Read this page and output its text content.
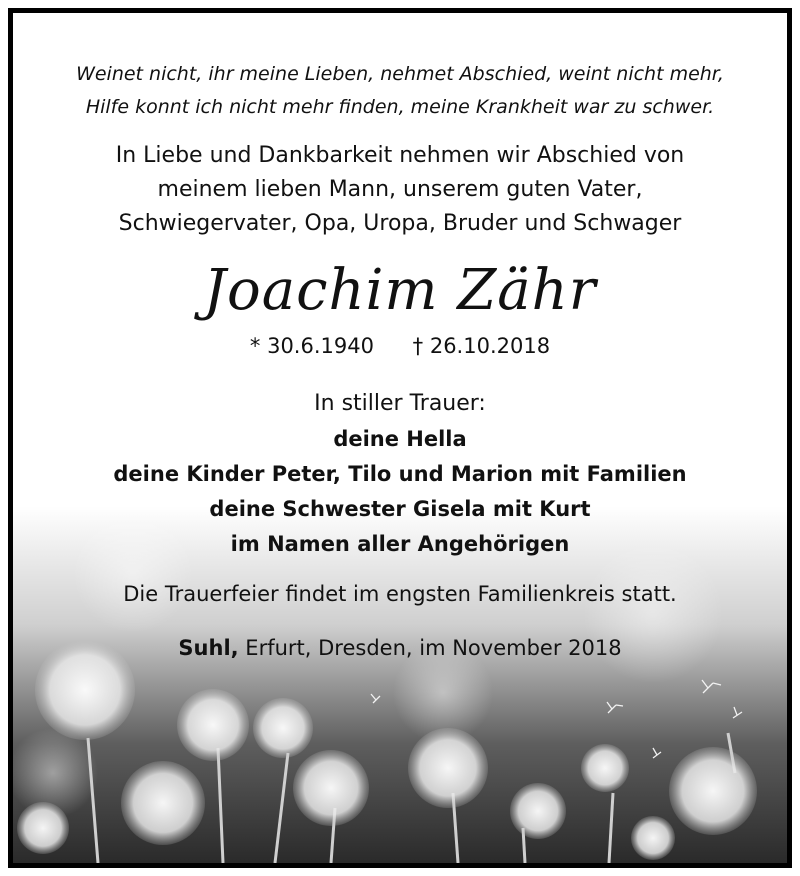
Weinet nicht, ihr meine Lieben, nehmet Abschied, weint nicht mehr,
Hilfe konnt ich nicht mehr finden, meine Krankheit war zu schwer.
In Liebe und Dankbarkeit nehmen wir Abschied von
meinem lieben Mann, unserem guten Vater,
Schwiegervater, Opa, Uropa, Bruder und Schwager
Joachim Zähr
* 30.6.1940 † 26.10.2018
In stiller Trauer:
deine Hella
deine Kinder Peter, Tilo und Marion mit Familien
deine Schwester Gisela mit Kurt
im Namen aller Angehörigen
Die Trauerfeier findet im engsten Familienkreis statt.
Suhl, Erfurt, Dresden, im November 2018
